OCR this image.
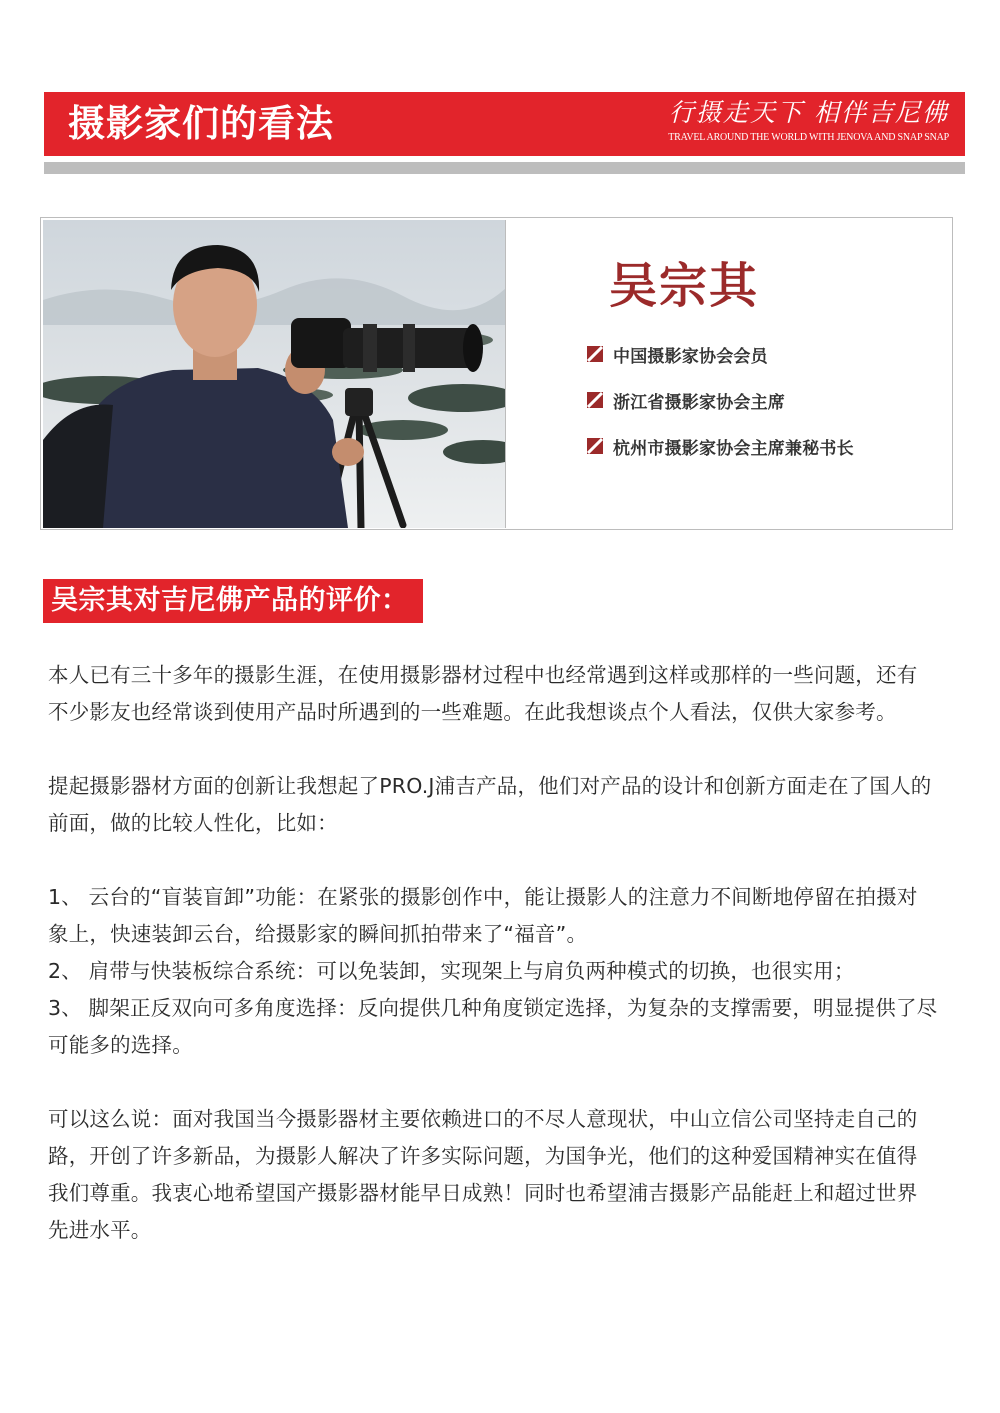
摄影家们的看法	行摄走天下 相伴吉尼佛
TRAVEL AROUND THE WORLD WITH JENOVA AND SNAP SNAP
吴宗其
中国摄影家协会会员
浙江省摄影家协会主席
杭州市摄影家协会主席兼秘书长
吴宗其对吉尼佛产品的评价：

本人已有三十多年的摄影生涯，在使用摄影器材过程中也经常遇到这样或那样的一些问题，还有不少影友也经常谈到使用产品时所遇到的一些难题。在此我想谈点个人看法，仅供大家参考。

提起摄影器材方面的创新让我想起了PRO.J浦吉产品，他们对产品的设计和创新方面走在了国人的前面，做的比较人性化，比如：

1、 云台的“盲装盲卸”功能：在紧张的摄影创作中，能让摄影人的注意力不间断地停留在拍摄对象上，快速装卸云台，给摄影家的瞬间抓拍带来了“福音”。

2、 肩带与快装板综合系统：可以免装卸，实现架上与肩负两种模式的切换，也很实用；

3、 脚架正反双向可多角度选择：反向提供几种角度锁定选择，为复杂的支撑需要，明显提供了尽可能多的选择。

可以这么说：面对我国当今摄影器材主要依赖进口的不尽人意现状，中山立信公司坚持走自己的路，开创了许多新品，为摄影人解决了许多实际问题，为国争光，他们的这种爱国精神实在值得我们尊重。我衷心地希望国产摄影器材能早日成熟！同时也希望浦吉摄影产品能赶上和超过世界先进水平。
